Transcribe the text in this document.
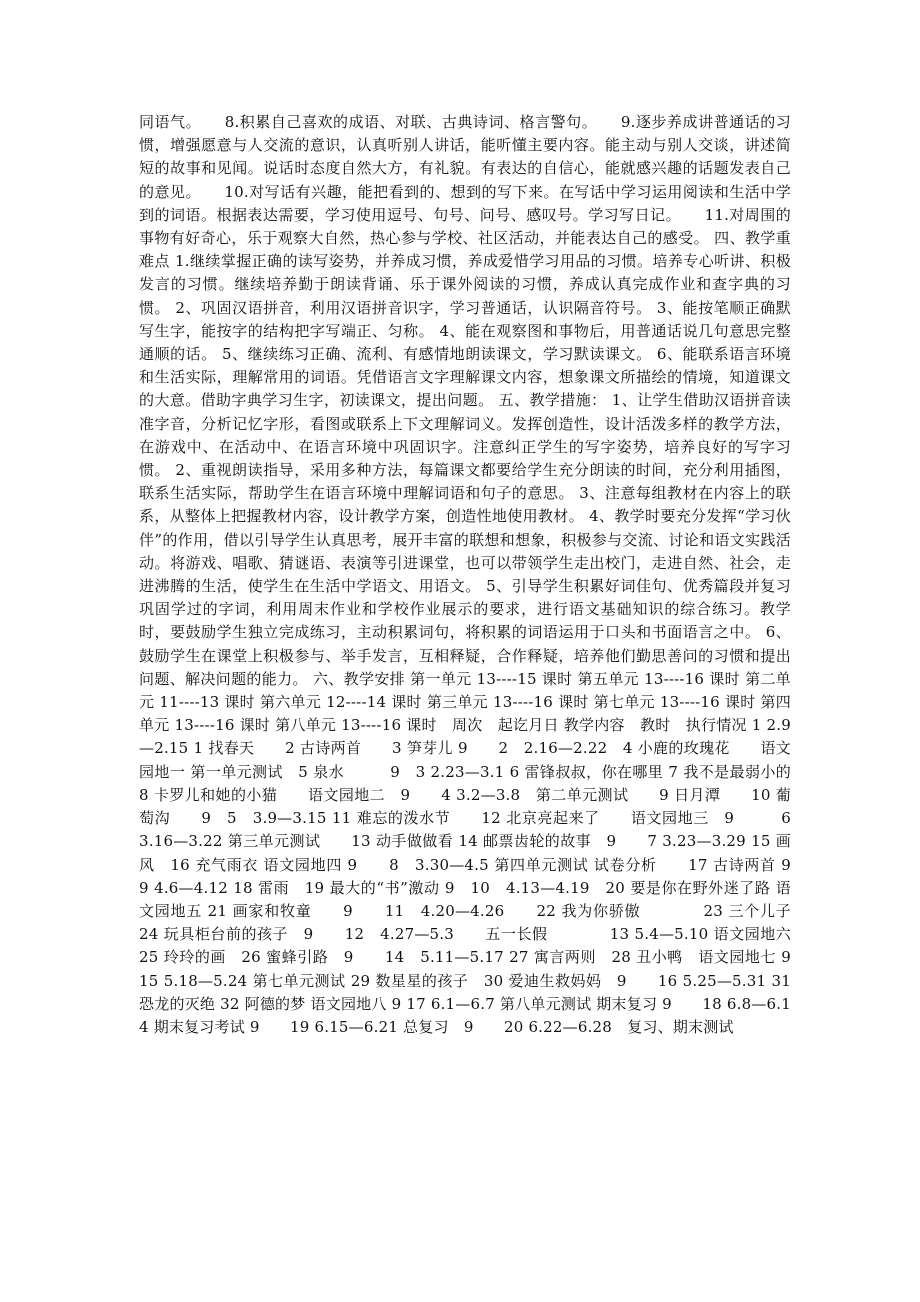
同语气。　　8.积累自己喜欢的成语、对联、古典诗词、格言警句。　　9.逐步养成讲普通话的习惯，增强愿意与人交流的意识，认真听别人讲话，能听懂主要内容。能主动与别人交谈，讲述简短的故事和见闻。说话时态度自然大方，有礼貌。有表达的自信心，能就感兴趣的话题发表自己的意见。　　10.对写话有兴趣，能把看到的、想到的写下来。在写话中学习运用阅读和生活中学到的词语。根据表达需要，学习使用逗号、句号、问号、感叹号。学习写日记。　　11.对周围的事物有好奇心，乐于观察大自然，热心参与学校、社区活动，并能表达自己的感受。 四、教学重难点 1.继续掌握正确的读写姿势，并养成习惯，养成爱惜学习用品的习惯。培养专心听讲、积极发言的习惯。继续培养勤于朗读背诵、乐于课外阅读的习惯，养成认真完成作业和查字典的习惯。 2、巩固汉语拼音，利用汉语拼音识字，学习普通话，认识隔音符号。 3、能按笔顺正确默写生字，能按字的结构把字写端正、匀称。 4、能在观察图和事物后，用普通话说几句意思完整通顺的话。 5、继续练习正确、流利、有感情地朗读课文，学习默读课文。 6、能联系语言环境和生活实际，理解常用的词语。凭借语言文字理解课文内容，想象课文所描绘的情境，知道课文的大意。借助字典学习生字，初读课文，提出问题。 五、教学措施： 1、让学生借助汉语拼音读准字音，分析记忆字形，看图或联系上下文理解词义。发挥创造性，设计活泼多样的教学方法，在游戏中、在活动中、在语言环境中巩固识字。注意纠正学生的写字姿势，培养良好的写字习惯。 2、重视朗读指导，采用多种方法，每篇课文都要给学生充分朗读的时间，充分利用插图，联系生活实际，帮助学生在语言环境中理解词语和句子的意思。 3、注意每组教材在内容上的联系，从整体上把握教材内容，设计教学方案，创造性地使用教材。 4、教学时要充分发挥“学习伙伴”的作用，借以引导学生认真思考，展开丰富的联想和想象，积极参与交流、讨论和语文实践活动。将游戏、唱歌、猜谜语、表演等引进课堂，也可以带领学生走出校门，走进自然、社会，走进沸腾的生活，使学生在生活中学语文、用语文。 5、引导学生积累好词佳句、优秀篇段并复习巩固学过的字词，利用周末作业和学校作业展示的要求，进行语文基础知识的综合练习。教学时，要鼓励学生独立完成练习，主动积累词句，将积累的词语运用于口头和书面语言之中。 6、鼓励学生在课堂上积极参与、举手发言，互相释疑，合作释疑，培养他们勤思善问的习惯和提出问题、解决问题的能力。 六、教学安排 第一单元 13----15 课时 第五单元 13----16 课时 第二单元 11----13 课时 第六单元 12----14 课时 第三单元 13----16 课时 第七单元 13----16 课时 第四单元 13----16 课时 第八单元 13----16 课时　周次　起讫月日 教学内容　教时　执行情况 1 2.9—2.15 1 找春天　　2 古诗两首　　3 笋芽儿 9　　2　2.16—2.22　4 小鹿的玫瑰花　　语文园地一 第一单元测试　5 泉水　　　9　3 2.23—3.1 6 雷锋叔叔，你在哪里 7 我不是最弱小的　8 卡罗儿和她的小猫　　语文园地二　9　　4 3.2—3.8　第二单元测试　　9 日月潭　　10 葡萄沟　　9　5　3.9—3.15 11 难忘的泼水节　　12 北京亮起来了　　语文园地三　9　　　6 3.16—3.22 第三单元测试　　13 动手做做看 14 邮票齿轮的故事　9　　7 3.23—3.29 15 画风　16 充气雨衣 语文园地四 9　　8　3.30—4.5 第四单元测试 试卷分析　　17 古诗两首 9　　9 4.6—4.12 18 雷雨　19 最大的“书”激动 9　10　4.13—4.19　20 要是你在野外迷了路 语文园地五 21 画家和牧童　　9　　11　4.20—4.26　　22 我为你骄傲　　　　23 三个儿子　　　　24 玩具柜台前的孩子　9　　12　4.27—5.3　　五一长假　　　　13 5.4—5.10 语文园地六　25 玲玲的画　26 蜜蜂引路　9　　14　5.11—5.17 27 寓言两则　28 丑小鸭　语文园地七 9　　15 5.18—5.24 第七单元测试 29 数星星的孩子　30 爱迪生救妈妈　9　　16 5.25—5.31 31 恐龙的灭绝 32 阿德的梦 语文园地八 9 17 6.1—6.7 第八单元测试 期末复习 9　　18 6.8—6.14 期末复习考试 9　　19 6.15—6.21 总复习　9　　20 6.22—6.28　复习、期末测试
